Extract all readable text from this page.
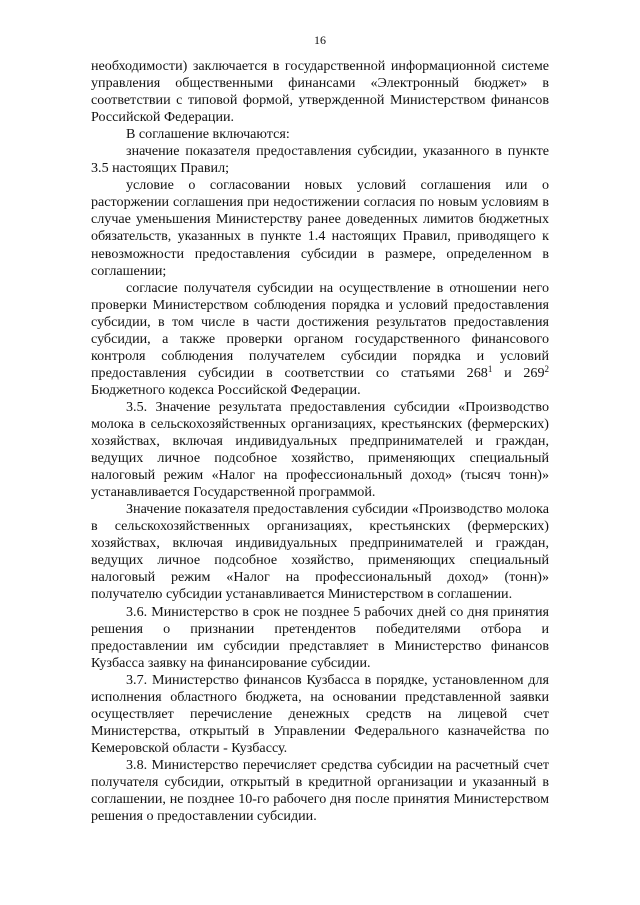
16

необходимости) заключается в государственной информационной системе управления общественными финансами «Электронный бюджет» в соответствии с типовой формой, утвержденной Министерством финансов Российской Федерации.

В соглашение включаются:

значение показателя предоставления субсидии, указанного в пункте 3.5 настоящих Правил;

условие о согласовании новых условий соглашения или о расторжении соглашения при недостижении согласия по новым условиям в случае уменьшения Министерству ранее доведенных лимитов бюджетных обязательств, указанных в пункте 1.4 настоящих Правил, приводящего к невозможности предоставления субсидии в размере, определенном в соглашении;

согласие получателя субсидии на осуществление в отношении него проверки Министерством соблюдения порядка и условий предоставления субсидии, в том числе в части достижения результатов предоставления субсидии, а также проверки органом государственного финансового контроля соблюдения получателем субсидии порядка и условий предоставления субсидии в соответствии со статьями $268^1$ и $269^2$ Бюджетного кодекса Российской Федерации.

3.5. Значение результата предоставления субсидии «Производство молока в сельскохозяйственных организациях, крестьянских (фермерских) хозяйствах, включая индивидуальных предпринимателей и граждан, ведущих личное подсобное хозяйство, применяющих специальный налоговый режим «Налог на профессиональный доход» (тысяч тонн)» устанавливается Государственной программой.

Значение показателя предоставления субсидии «Производство молока в сельскохозяйственных организациях, крестьянских (фермерских) хозяйствах, включая индивидуальных предпринимателей и граждан, ведущих личное подсобное хозяйство, применяющих специальный налоговый режим «Налог на профессиональный доход» (тонн)» получателю субсидии устанавливается Министерством в соглашении.

3.6. Министерство в срок не позднее 5 рабочих дней со дня принятия решения о признании претендентов победителями отбора и предоставлении им субсидии представляет в Министерство финансов Кузбасса заявку на финансирование субсидии.

3.7. Министерство финансов Кузбасса в порядке, установленном для исполнения областного бюджета, на основании представленной заявки осуществляет перечисление денежных средств на лицевой счет Министерства, открытый в Управлении Федерального казначейства по Кемеровской области - Кузбассу.

3.8. Министерство перечисляет средства субсидии на расчетный счет получателя субсидии, открытый в кредитной организации и указанный в соглашении, не позднее 10-го рабочего дня после принятия Министерством решения о предоставлении субсидии.
